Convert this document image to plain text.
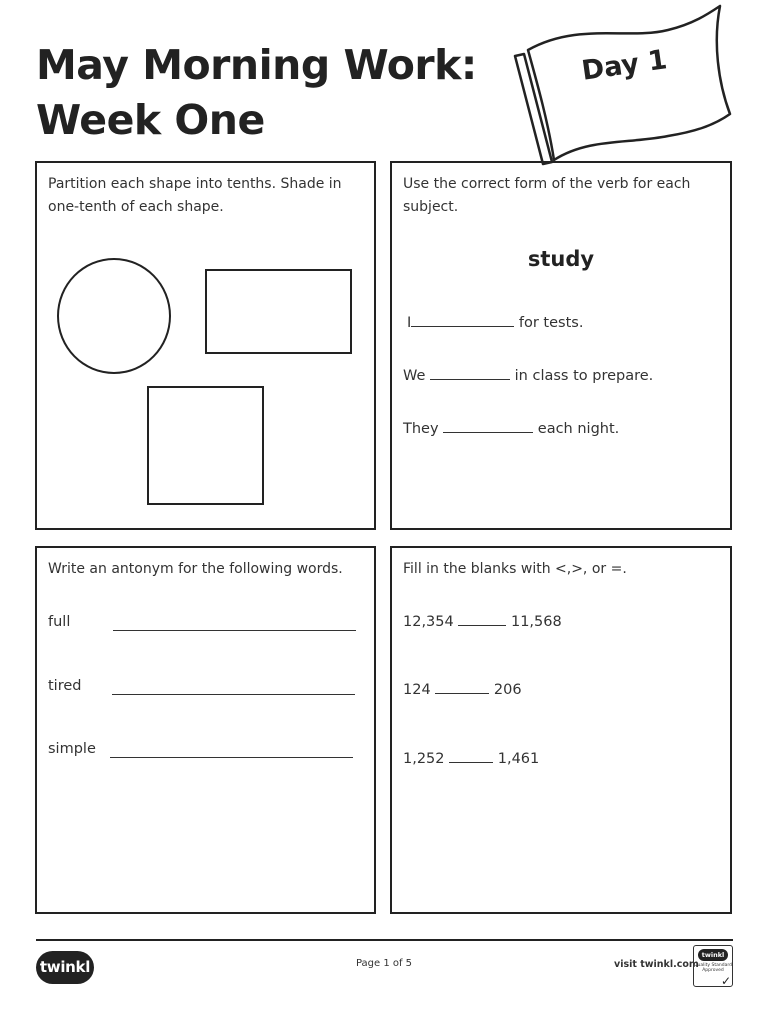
May Morning Work:
Week One
Day 1

Partition each shape into tenths. Shade in one-tenth of each shape.

Use the correct form of the verb for each subject.

study
I	for tests.
We	in class to prepare.
They	each night.

Write an antonym for the following words.

full
tired
simple

Fill in the blanks with <,>, or =.

12,354	11,568
124	206
1,252	1,461
twinkl	Page 1 of 5	visit twinkl.com
twinkl
Quality Standard Approved
✓
